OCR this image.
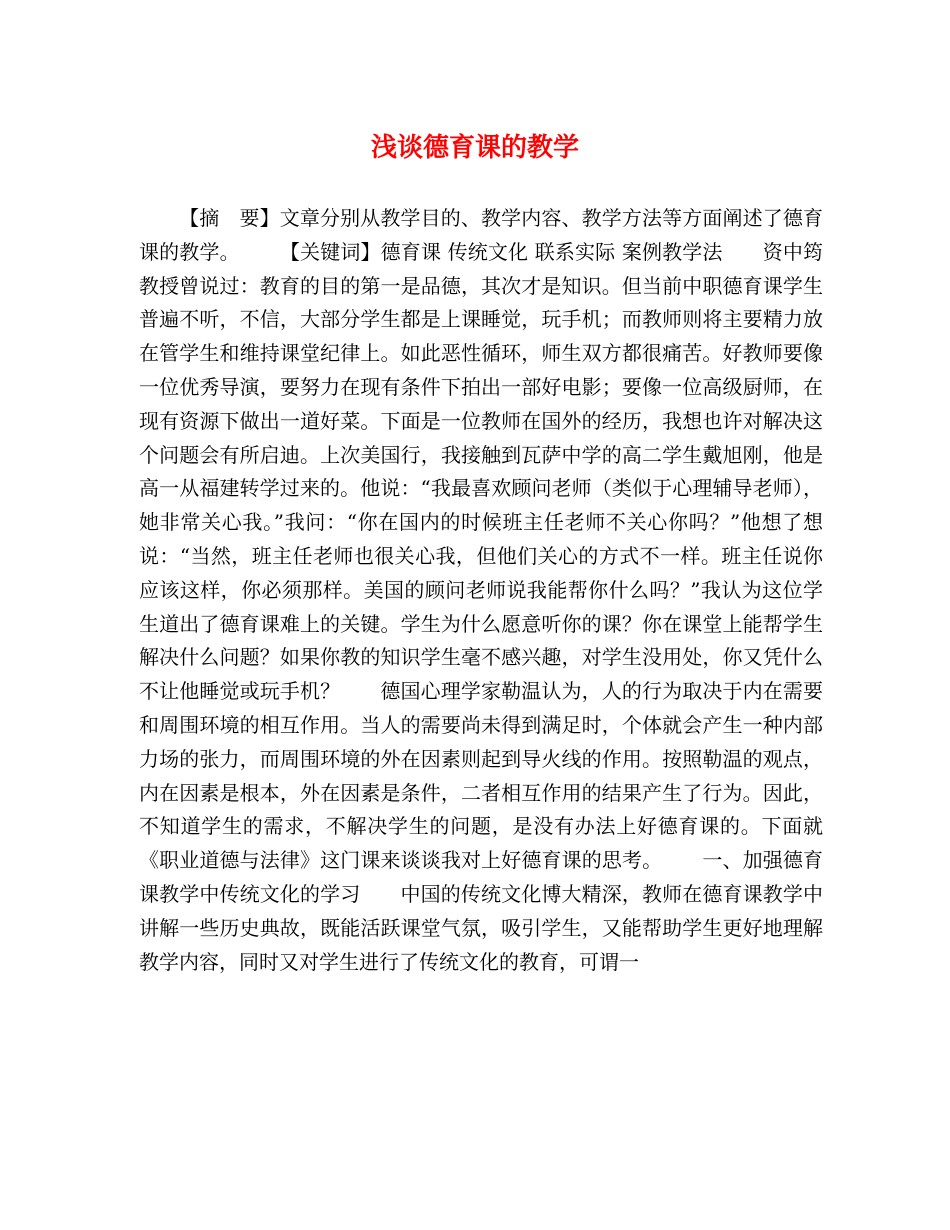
浅谈德育课的教学

【摘　要】文章分别从教学目的、教学内容、教学方法等方面阐述了德育课的教学。 【关键词】德育课 传统文化 联系实际 案例教学法 资中筠教授曾说过：教育的目的第一是品德，其次才是知识。但当前中职德育课学生普遍不听，不信，大部分学生都是上课睡觉，玩手机；而教师则将主要精力放在管学生和维持课堂纪律上。如此恶性循环，师生双方都很痛苦。好教师要像一位优秀导演，要努力在现有条件下拍出一部好电影；要像一位高级厨师，在现有资源下做出一道好菜。下面是一位教师在国外的经历，我想也许对解决这个问题会有所启迪。上次美国行，我接触到瓦萨中学的高二学生戴旭刚，他是高一从福建转学过来的。他说：“我最喜欢顾问老师（类似于心理辅导老师），她非常关心我。”我问：“你在国内的时候班主任老师不关心你吗？”他想了想说：“当然，班主任老师也很关心我，但他们关心的方式不一样。班主任说你应该这样，你必须那样。美国的顾问老师说我能帮你什么吗？”我认为这位学生道出了德育课难上的关键。学生为什么愿意听你的课？你在课堂上能帮学生解决什么问题？如果你教的知识学生毫不感兴趣，对学生没用处，你又凭什么不让他睡觉或玩手机？ 德国心理学家勒温认为，人的行为取决于内在需要和周围环境的相互作用。当人的需要尚未得到满足时，个体就会产生一种内部力场的张力，而周围环境的外在因素则起到导火线的作用。按照勒温的观点，内在因素是根本，外在因素是条件，二者相互作用的结果产生了行为。因此，不知道学生的需求，不解决学生的问题，是没有办法上好德育课的。下面就《职业道德与法律》这门课来谈谈我对上好德育课的思考。 一、加强德育课教学中传统文化的学习 中国的传统文化博大精深，教师在德育课教学中讲解一些历史典故，既能活跃课堂气氛，吸引学生，又能帮助学生更好地理解教学内容，同时又对学生进行了传统文化的教育，可谓一
